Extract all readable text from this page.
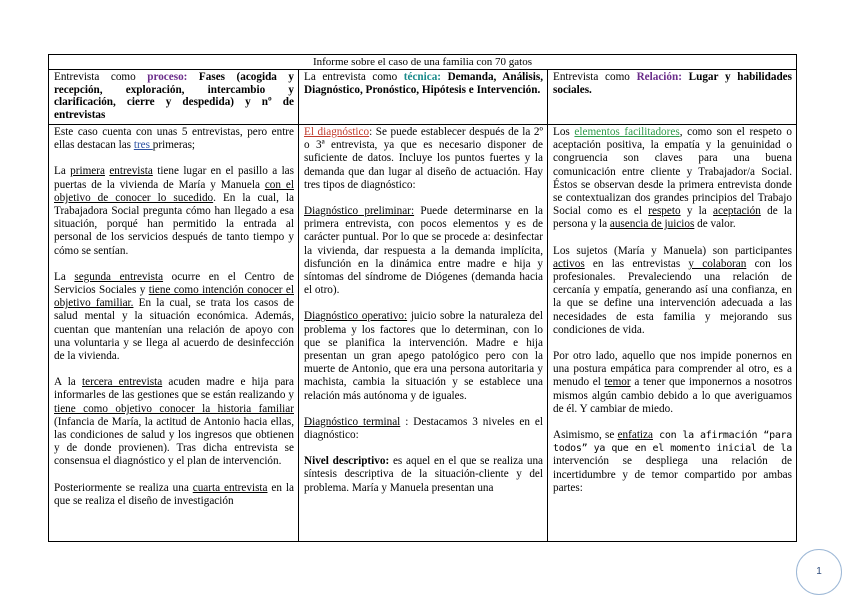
Informe sobre el caso de una familia con 70 gatos
Entrevista como proceso: Fases (acogida y recepción, exploración, intercambio y clarificación, cierre y despedida) y nº de entrevistas
La entrevista como técnica: Demanda, Análisis, Diagnóstico, Pronóstico, Hipótesis e Intervención.
Entrevista como Relación: Lugar y habilidades sociales.

Este caso cuenta con unas 5 entrevistas, pero entre ellas destacan las tres primeras;

La primera entrevista tiene lugar en el pasillo a las puertas de la vivienda de María y Manuela con el objetivo de conocer lo sucedido. En la cual, la Trabajadora Social pregunta cómo han llegado a esa situación, porqué han permitido la entrada al personal de los servicios después de tanto tiempo y cómo se sentían.

La segunda entrevista ocurre en el Centro de Servicios Sociales y tiene como intención conocer el objetivo familiar. En la cual, se trata los casos de salud mental y la situación económica. Además, cuentan que mantenían una relación de apoyo con una voluntaria y se llega al acuerdo de desinfección de la vivienda.

A la tercera entrevista acuden madre e hija para informarles de las gestiones que se están realizando y tiene como objetivo conocer la historia familiar (Infancia de María, la actitud de Antonio hacia ellas, las condiciones de salud y los ingresos que obtienen y de donde provienen). Tras dicha entrevista se consensua el diagnóstico y el plan de intervención.

Posteriormente se realiza una cuarta entrevista en la que se realiza el diseño de investigación

El diagnóstico: Se puede establecer después de la 2º o 3ª entrevista, ya que es necesario disponer de suficiente de datos. Incluye los puntos fuertes y la demanda que dan lugar al diseño de actuación. Hay tres tipos de diagnóstico:

Diagnóstico preliminar: Puede determinarse en la primera entrevista, con pocos elementos y es de carácter puntual. Por lo que se procede a: desinfectar la vivienda, dar respuesta a la demanda implícita, disfunción en la dinámica entre madre e hija y síntomas del síndrome de Diógenes (demanda hacia el otro).

Diagnóstico operativo: juicio sobre la naturaleza del problema y los factores que lo determinan, con lo que se planifica la intervención. Madre e hija presentan un gran apego patológico pero con la muerte de Antonio, que era una persona autoritaria y machista, cambia la situación y se establece una relación más autónoma y de iguales.

Diagnóstico terminal : Destacamos 3 niveles en el diagnóstico:

Nivel descriptivo: es aquel en el que se realiza una síntesis descriptiva de la situación-cliente y del problema. María y Manuela presentan una

Los elementos facilitadores, como son el respeto o aceptación positiva, la empatía y la genuinidad o congruencia son claves para una buena comunicación entre cliente y Trabajador/a Social. Éstos se observan desde la primera entrevista donde se contextualizan dos grandes principios del Trabajo Social como es el respeto y la aceptación de la persona y la ausencia de juicios de valor.

Los sujetos (María y Manuela) son participantes activos en las entrevistas y colaboran con los profesionales. Prevaleciendo una relación de cercanía y empatía, generando así una confianza, en la que se define una intervención adecuada a las necesidades de esta familia y mejorando sus condiciones de vida.

Por otro lado, aquello que nos impide ponernos en una postura empática para comprender al otro, es a menudo el temor a tener que imponernos a nosotros mismos algún cambio debido a lo que averiguamos de él. Y cambiar de miedo.

Asimismo, se enfatiza con la afirmación “para todos” ya que en el momento inicial de la intervención se despliega una relación de incertidumbre y de temor compartido por ambas partes:

1
